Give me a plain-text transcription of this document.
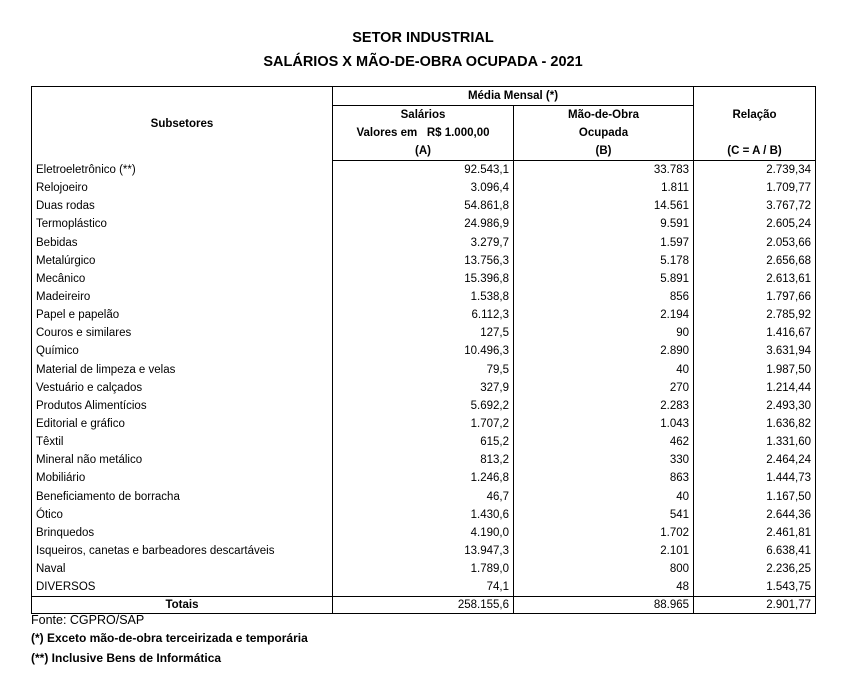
SETOR INDUSTRIAL
SALÁRIOS X MÃO-DE-OBRA OCUPADA - 2021
Subsetores	Média Mensal (*)		
	Salários	Mão-de-Obra	Relação
	Valores em   R$ 1.000,00	Ocupada	
	(A)	(B)	(C = A / B)
Eletroeletrônico (**)	92.543,1	33.783	2.739,34
Relojoeiro	3.096,4	1.811	1.709,77
Duas rodas	54.861,8	14.561	3.767,72
Termoplástico	24.986,9	9.591	2.605,24
Bebidas	3.279,7	1.597	2.053,66
Metalúrgico	13.756,3	5.178	2.656,68
Mecânico	15.396,8	5.891	2.613,61
Madeireiro	1.538,8	856	1.797,66
Papel e papelão	6.112,3	2.194	2.785,92
Couros e similares	127,5	90	1.416,67
Químico	10.496,3	2.890	3.631,94
Material de limpeza e velas	79,5	40	1.987,50
Vestuário e calçados	327,9	270	1.214,44
Produtos Alimentícios	5.692,2	2.283	2.493,30
Editorial e gráfico	1.707,2	1.043	1.636,82
Têxtil	615,2	462	1.331,60
Mineral não metálico	813,2	330	2.464,24
Mobiliário	1.246,8	863	1.444,73
Beneficiamento de borracha	46,7	40	1.167,50
Ótico	1.430,6	541	2.644,36
Brinquedos	4.190,0	1.702	2.461,81
Isqueiros, canetas e barbeadores descartáveis	13.947,3	2.101	6.638,41
Naval	1.789,0	800	2.236,25
DIVERSOS	74,1	48	1.543,75
Totais	258.155,6	88.965	2.901,77
Fonte: CGPRO/SAP
(*) Exceto mão-de-obra terceirizada e temporária
(**) Inclusive Bens de Informática
